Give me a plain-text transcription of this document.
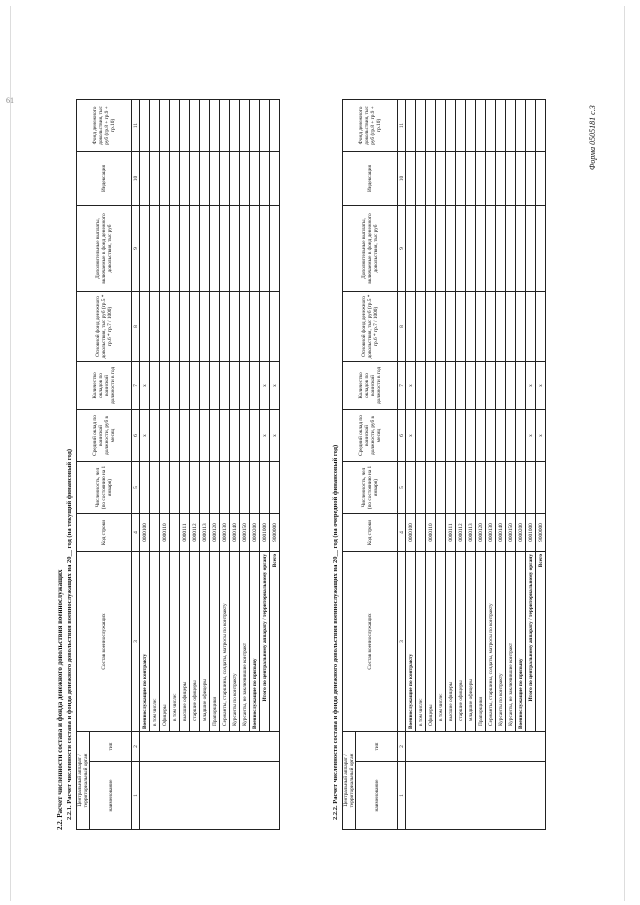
61
Форма 0505181 с.3
2.2. Расчет численности состава и фонда денежного довольствия военнослужащих 2.2.1. Расчет численности состава и фонда денежного довольствия военнослужащих на 20__ год (на текущий финансовый год) Центральный аппарат / территориальный орган		Состав военнослужащих	Код строки	Численность, чел (по состоянию на 1 января)	Средний оклад по воинской должности, руб в месяц	Количество окладов по воинской должности в год	Основной фонд денежного довольствия, тыс руб (гр.5 * гр.6 * гр.7 / 1000)	Дополнительные выплаты, включаемые в фонд денежного довольствия, тыс руб	Индексация	Фонд денежного довольствия, тыс руб (гр.8 + гр.9 + гр.10)
наименование	тип									
1	2	3	4	5	6	7	8	9	10	11
		Военнослужащие по контракту	0000100		x	x				
		в том числе:								
		Офицеры	0000110							
		в том числе:								
		высшие офицеры	0000111							
		старшие офицеры	0000112							
		младшие офицеры	0000113							
		Прапорщики	0000120							
		Сержанты, старшины, солдаты, матросы по контракту	0000130							
		Курсанты по контракту	0000140							
		Курсанты, не заключившие контракт	0000150							
		Военнослужащие по призыву	0000200							
		Итого по центральному аппарату / территориальному органу	0001000		x	x				
		Всего	9000000		x	x				
2.2.2. Расчет численности состава и фонда денежного довольствия военнослужащих на 20__ год (на очередной финансовый год) Центральный аппарат / территориальный орган		Состав военнослужащих	Код строки	Численность, чел (по состоянию на 1 января)	Средний оклад по воинской должности, руб в месяц	Количество окладов по воинской должности в год	Основной фонд денежного довольствия, тыс руб (гр.5 * гр.6 * гр.7 / 1000)	Дополнительные выплаты, включаемые в фонд денежного довольствия, тыс руб	Индексация	Фонд денежного довольствия, тыс руб (гр.8 + гр.9 + гр.10)
наименование	тип									
1	2	3	4	5	6	7	8	9	10	11
		Военнослужащие по контракту	0000100		x	x				
		в том числе:								
		Офицеры	0000110							
		в том числе:								
		высшие офицеры	0000111							
		старшие офицеры	0000112							
		младшие офицеры	0000113							
		Прапорщики	0000120							
		Сержанты, старшины, солдаты, матросы по контракту	0000130							
		Курсанты по контракту	0000140							
		Курсанты, не заключившие контракт	0000150							
		Военнослужащие по призыву	0000200							
		Итого по центральному аппарату / территориальному органу	0001000		x	x				
		Всего	9000000		x	x				
